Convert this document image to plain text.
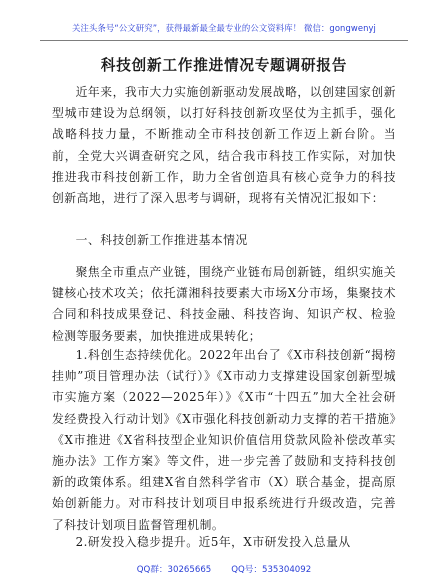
关注头条号“公文研究”，获得最新最全最专业的公文资料库！ 微信：gongwenyj
科技创新工作推进情况专题调研报告

近年来，我市大力实施创新驱动发展战略，以创建国家创新型城市建设为总纲领，以打好科技创新攻坚仗为主抓手，强化战略科技力量，不断推动全市科技创新工作迈上新台阶。当前，全党大兴调查研究之风，结合我市科技工作实际，对加快推进我市科技创新工作，助力全省创造具有核心竞争力的科技创新高地，进行了深入思考与调研，现将有关情况汇报如下：

一、科技创新工作推进基本情况

聚焦全市重点产业链，围绕产业链布局创新链，组织实施关键核心技术攻关；依托潇湘科技要素大市场X分市场，集聚技术合同和科技成果登记、科技金融、科技咨询、知识产权、检验检测等服务要素，加快推进成果转化；

1.科创生态持续优化。2022年出台了《X市科技创新“揭榜挂帅”项目管理办法（试行）》《X市动力支撑建设国家创新型城市实施方案（2022—2025年）》《X市“十四五”加大全社会研发经费投入行动计划》《X市强化科技创新动力支撑的若干措施》《X市推进《X省科技型企业知识价值信用贷款风险补偿改革实施办法》工作方案》等文件，进一步完善了鼓励和支持科技创新的政策体系。组建X省自然科学省市（X）联合基金，提高原始创新能力。对市科技计划项目申报系统进行升级改造，完善了科技计划项目监督管理机制。

2.研发投入稳步提升。近5年，X市研发投入总量从

QQ群：30265665 QQ号：535304092
